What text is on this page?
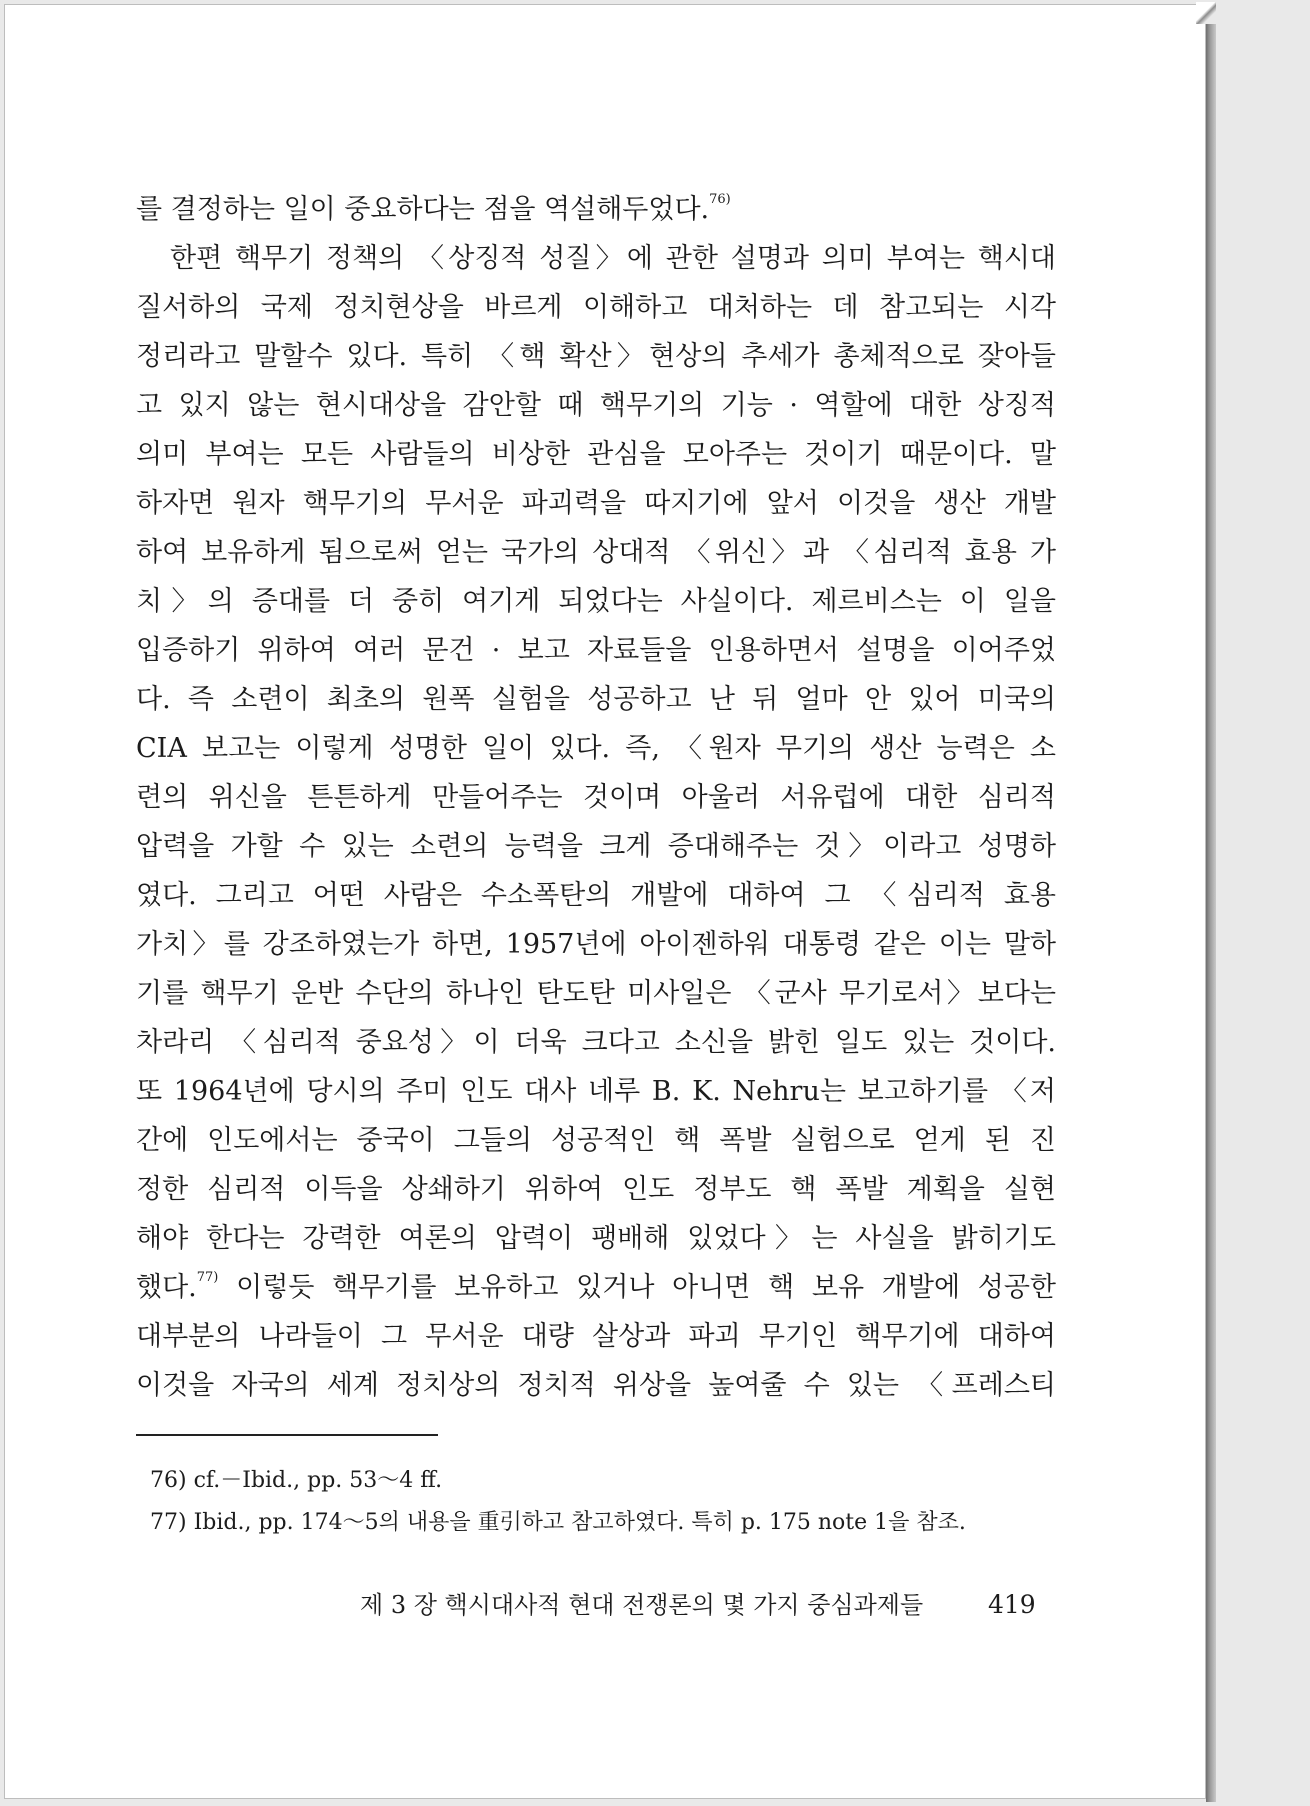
를 결정하는 일이 중요하다는 점을 역설해두었다.$^{76)}$
한편 핵무기 정책의 〈상징적 성질〉에 관한 설명과 의미 부여는 핵시대
질서하의 국제 정치현상을 바르게 이해하고 대처하는 데 참고되는 시각
정리라고 말할수 있다. 특히 〈핵 확산〉현상의 추세가 총체적으로 잦아들
고 있지 않는 현시대상을 감안할 때 핵무기의 기능 · 역할에 대한 상징적
의미 부여는 모든 사람들의 비상한 관심을 모아주는 것이기 때문이다. 말
하자면 원자 핵무기의 무서운 파괴력을 따지기에 앞서 이것을 생산 개발
하여 보유하게 됨으로써 얻는 국가의 상대적 〈위신〉과 〈심리적 효용 가
치〉의 증대를 더 중히 여기게 되었다는 사실이다. 제르비스는 이 일을
입증하기 위하여 여러 문건 · 보고 자료들을 인용하면서 설명을 이어주었
다. 즉 소련이 최초의 원폭 실험을 성공하고 난 뒤 얼마 안 있어 미국의
CIA 보고는 이렇게 성명한 일이 있다. 즉, 〈원자 무기의 생산 능력은 소
련의 위신을 튼튼하게 만들어주는 것이며 아울러 서유럽에 대한 심리적
압력을 가할 수 있는 소련의 능력을 크게 증대해주는 것〉이라고 성명하
였다. 그리고 어떤 사람은 수소폭탄의 개발에 대하여 그 〈심리적 효용
가치〉를 강조하였는가 하면, 1957년에 아이젠하워 대통령 같은 이는 말하
기를 핵무기 운반 수단의 하나인 탄도탄 미사일은 〈군사 무기로서〉보다는
차라리 〈심리적 중요성〉이 더욱 크다고 소신을 밝힌 일도 있는 것이다.
또 1964년에 당시의 주미 인도 대사 네루 B. K. Nehru는 보고하기를 〈저
간에 인도에서는 중국이 그들의 성공적인 핵 폭발 실험으로 얻게 된 진
정한 심리적 이득을 상쇄하기 위하여 인도 정부도 핵 폭발 계획을 실현
해야 한다는 강력한 여론의 압력이 팽배해 있었다〉는 사실을 밝히기도
했다.$^{77)}$ 이렇듯 핵무기를 보유하고 있거나 아니면 핵 보유 개발에 성공한
대부분의 나라들이 그 무서운 대량 살상과 파괴 무기인 핵무기에 대하여
이것을 자국의 세계 정치상의 정치적 위상을 높여줄 수 있는 〈프레스티
76) cf.－Ibid., pp. 53～4 ff.
77) Ibid., pp. 174～5의 내용을 重引하고 참고하였다. 특히 p. 175 note 1을 참조.
제 3 장 핵시대사적 현대 전쟁론의 몇 가지 중심과제들	419
